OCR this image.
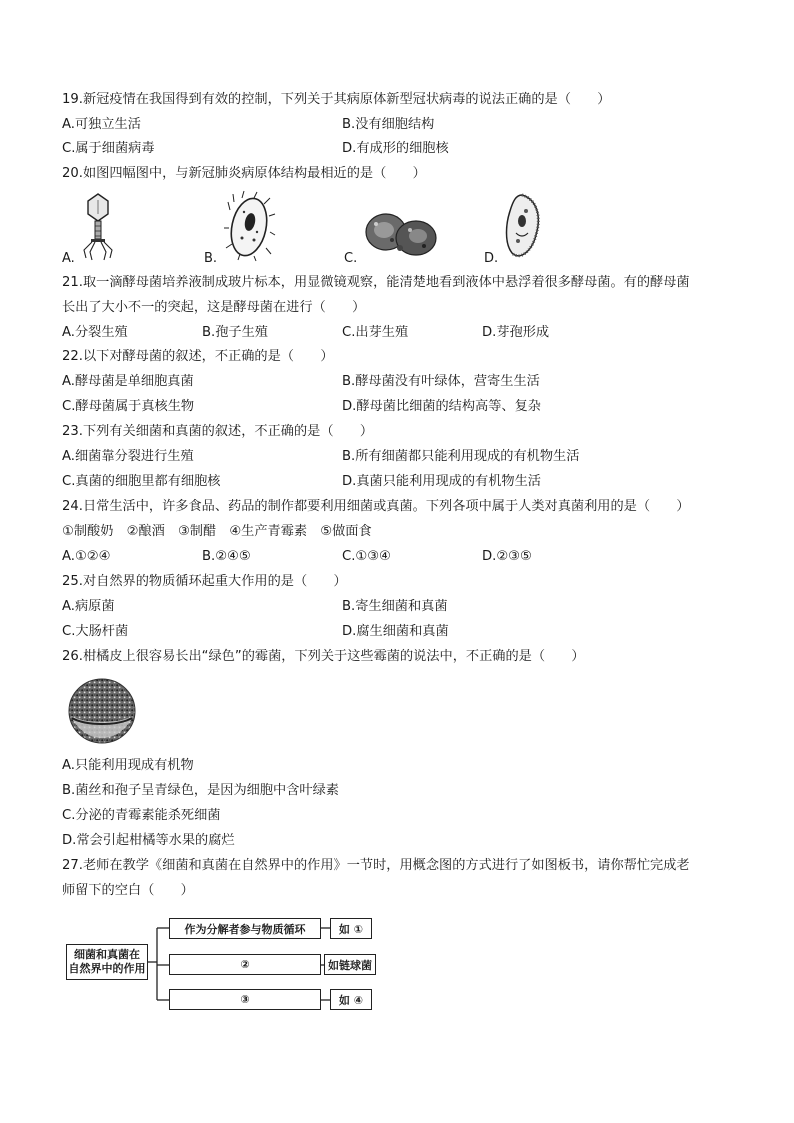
19.新冠疫情在我国得到有效的控制，下列关于其病原体新型冠状病毒的说法正确的是（　　）
A.可独立生活	B.没有细胞结构
C.属于细菌病毒	D.有成形的细胞核
20.如图四幅图中，与新冠肺炎病原体结构最相近的是（　　）
A.	B.	C.	D.
21.取一滴酵母菌培养液制成玻片标本，用显微镜观察，能清楚地看到液体中悬浮着很多酵母菌。有的酵母菌
长出了大小不一的突起，这是酵母菌在进行（　　）
A.分裂生殖	B.孢子生殖	C.出芽生殖	D.芽孢形成
22.以下对酵母菌的叙述，不正确的是（　　）
A.酵母菌是单细胞真菌	B.酵母菌没有叶绿体，营寄生生活
C.酵母菌属于真核生物	D.酵母菌比细菌的结构高等、复杂
23.下列有关细菌和真菌的叙述，不正确的是（　　）
A.细菌靠分裂进行生殖	B.所有细菌都只能利用现成的有机物生活
C.真菌的细胞里都有细胞核	D.真菌只能利用现成的有机物生活
24.日常生活中，许多食品、药品的制作都要利用细菌或真菌。下列各项中属于人类对真菌利用的是（　　）
①制酸奶　②酿酒　③制醋　④生产青霉素　⑤做面食
A.①②④	B.②④⑤	C.①③④	D.②③⑤
25.对自然界的物质循环起重大作用的是（　　）
A.病原菌	B.寄生细菌和真菌
C.大肠杆菌	D.腐生细菌和真菌
26.柑橘皮上很容易长出“绿色”的霉菌，下列关于这些霉菌的说法中，不正确的是（　　）
A.只能利用现成有机物
B.菌丝和孢子呈青绿色，是因为细胞中含叶绿素
C.分泌的青霉素能杀死细菌
D.常会引起柑橘等水果的腐烂
27.老师在教学《细菌和真菌在自然界中的作用》一节时，用概念图的方式进行了如图板书，请你帮忙完成老
师留下的空白（　　）
细菌和真菌在
自然界中的作用
作为分解者参与物质循环	如 ①
②	如链球菌
③	如 ④
